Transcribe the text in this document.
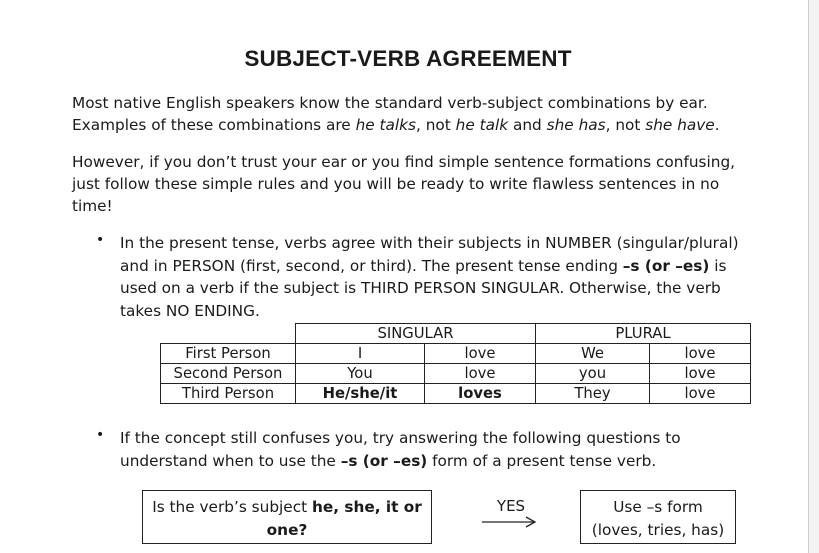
SUBJECT-VERB AGREEMENT
Most native English speakers know the standard verb-subject combinations by ear.
Examples of these combinations are he talks, not he talk and she has, not she have.
However, if you don’t trust your ear or you find simple sentence formations confusing,
just follow these simple rules and you will be ready to write flawless sentences in no
time!
• In the present tense, verbs agree with their subjects in NUMBER (singular/plural)
and in PERSON (first, second, or third). The present tense ending –s (or –es) is
used on a verb if the subject is THIRD PERSON SINGULAR. Otherwise, the verb
takes NO ENDING.
	SINGULAR		PLURAL	
First Person	I	love	We	love
Second Person	You	love	you	love
Third Person	He/she/it	loves	They	love
• If the concept still confuses you, try answering the following questions to
understand when to use the –s (or –es) form of a present tense verb.
Is the verb’s subject he, she, it or
one?
YES	Use –s form
(loves, tries, has)
